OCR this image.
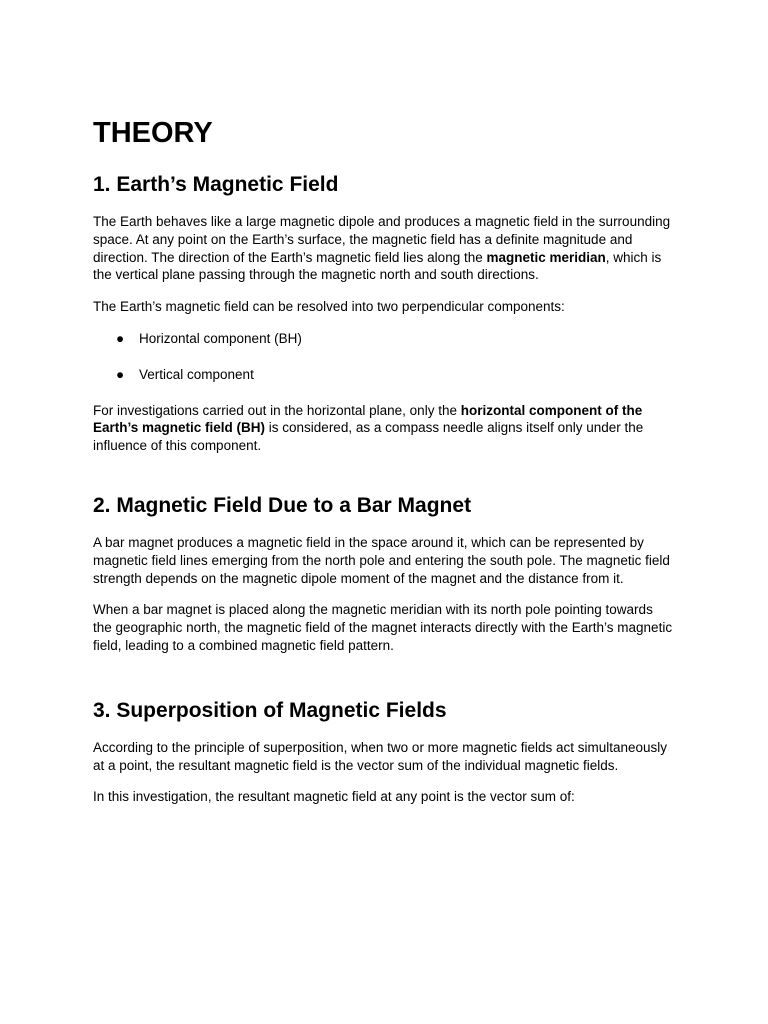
THEORY
1. Earth’s Magnetic Field

The Earth behaves like a large magnetic dipole and produces a magnetic field in the surrounding space. At any point on the Earth’s surface, the magnetic field has a definite magnitude and direction. The direction of the Earth’s magnetic field lies along the magnetic meridian, which is the vertical plane passing through the magnetic north and south directions.

The Earth’s magnetic field can be resolved into two perpendicular components:

● Horizontal component (BH)
● Vertical component

For investigations carried out in the horizontal plane, only the horizontal component of the Earth’s magnetic field (BH) is considered, as a compass needle aligns itself only under the influence of this component.

2. Magnetic Field Due to a Bar Magnet

A bar magnet produces a magnetic field in the space around it, which can be represented by magnetic field lines emerging from the north pole and entering the south pole. The magnetic field strength depends on the magnetic dipole moment of the magnet and the distance from it.

When a bar magnet is placed along the magnetic meridian with its north pole pointing towards the geographic north, the magnetic field of the magnet interacts directly with the Earth’s magnetic field, leading to a combined magnetic field pattern.

3. Superposition of Magnetic Fields

According to the principle of superposition, when two or more magnetic fields act simultaneously at a point, the resultant magnetic field is the vector sum of the individual magnetic fields.

In this investigation, the resultant magnetic field at any point is the vector sum of:
